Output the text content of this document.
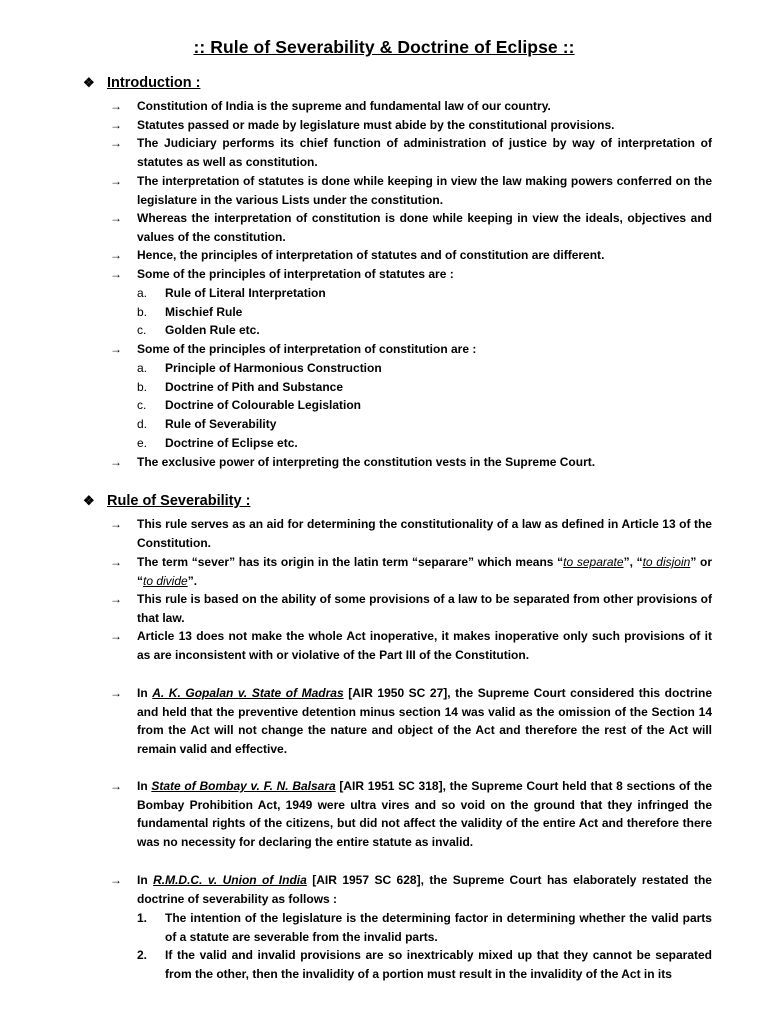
:: Rule of Severability & Doctrine of Eclipse ::
❖ Introduction :
→ Constitution of India is the supreme and fundamental law of our country.
→ Statutes passed or made by legislature must abide by the constitutional provisions.
→ The Judiciary performs its chief function of administration of justice by way of interpretation of statutes as well as constitution.
→ The interpretation of statutes is done while keeping in view the law making powers conferred on the legislature in the various Lists under the constitution.
→ Whereas the interpretation of constitution is done while keeping in view the ideals, objectives and values of the constitution.
→ Hence, the principles of interpretation of statutes and of constitution are different.
→ Some of the principles of interpretation of statutes are :
a. Rule of Literal Interpretation
b. Mischief Rule
c. Golden Rule etc.
→ Some of the principles of interpretation of constitution are :
a. Principle of Harmonious Construction
b. Doctrine of Pith and Substance
c. Doctrine of Colourable Legislation
d. Rule of Severability
e. Doctrine of Eclipse etc.
→ The exclusive power of interpreting the constitution vests in the Supreme Court.
❖ Rule of Severability :
→ This rule serves as an aid for determining the constitutionality of a law as defined in Article 13 of the Constitution.
→ The term “sever” has its origin in the latin term “separare” which means “to separate”, “to disjoin” or “to divide”.
→ This rule is based on the ability of some provisions of a law to be separated from other provisions of that law.
→ Article 13 does not make the whole Act inoperative, it makes inoperative only such provisions of it as are inconsistent with or violative of the Part III of the Constitution.
→ In A. K. Gopalan v. State of Madras [AIR 1950 SC 27], the Supreme Court considered this doctrine and held that the preventive detention minus section 14 was valid as the omission of the Section 14 from the Act will not change the nature and object of the Act and therefore the rest of the Act will remain valid and effective.
→ In State of Bombay v. F. N. Balsara [AIR 1951 SC 318], the Supreme Court held that 8 sections of the Bombay Prohibition Act, 1949 were ultra vires and so void on the ground that they infringed the fundamental rights of the citizens, but did not affect the validity of the entire Act and therefore there was no necessity for declaring the entire statute as invalid.
→ In R.M.D.C. v. Union of India [AIR 1957 SC 628], the Supreme Court has elaborately restated the doctrine of severability as follows :
1. The intention of the legislature is the determining factor in determining whether the valid parts of a statute are severable from the invalid parts.
2. If the valid and invalid provisions are so inextricably mixed up that they cannot be separated from the other, then the invalidity of a portion must result in the invalidity of the Act in its
